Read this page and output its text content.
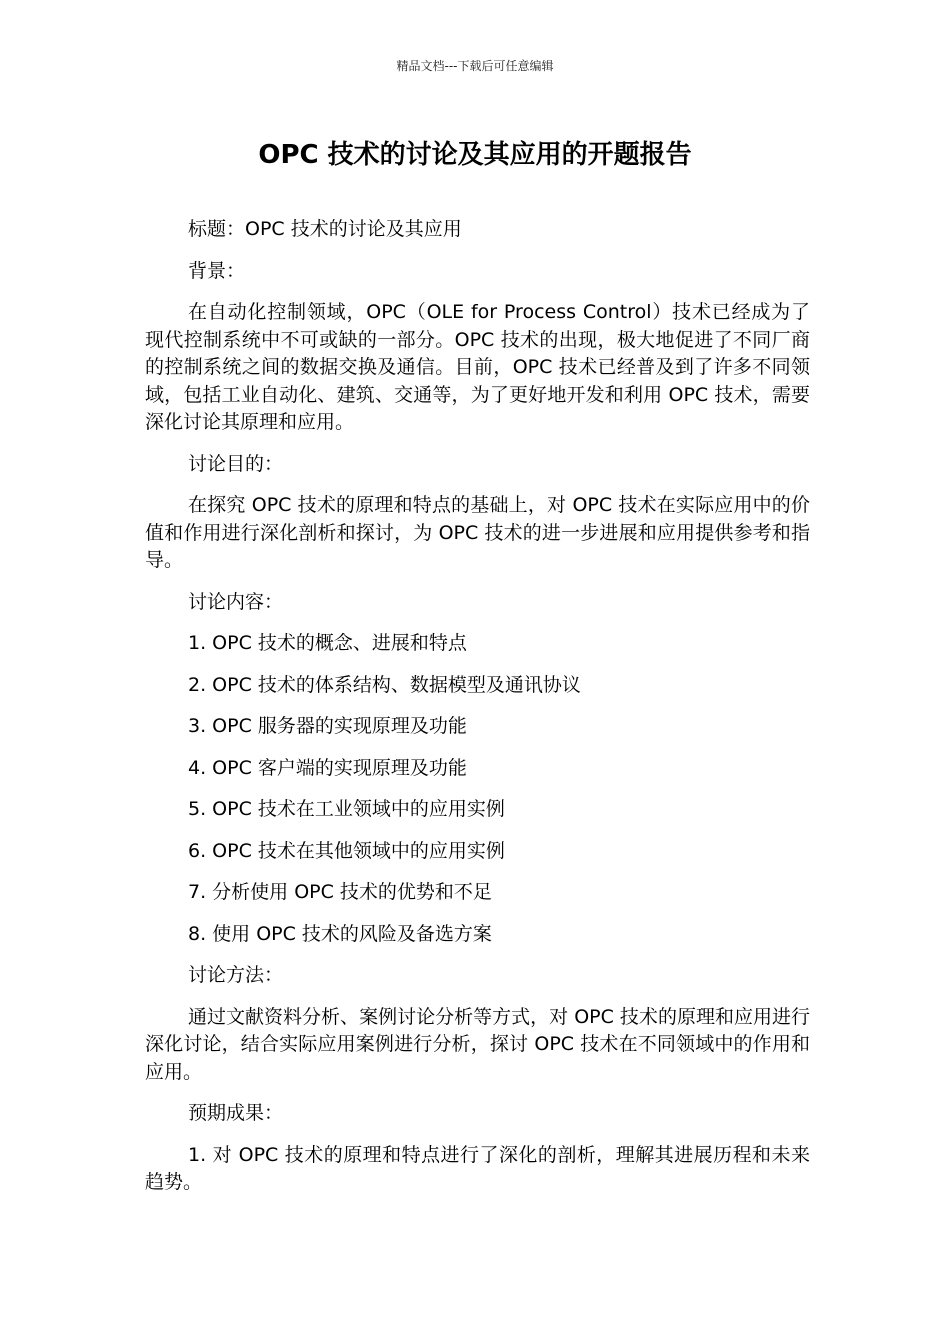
精品文档---下载后可任意编辑
OPC 技术的讨论及其应用的开题报告

标题：OPC 技术的讨论及其应用

背景：

在自动化控制领域，OPC（OLE for Process Control）技术已经成为了现代控制系统中不可或缺的一部分。OPC 技术的出现，极大地促进了不同厂商的控制系统之间的数据交换及通信。目前，OPC 技术已经普及到了许多不同领域，包括工业自动化、建筑、交通等，为了更好地开发和利用 OPC 技术，需要深化讨论其原理和应用。

讨论目的：

在探究 OPC 技术的原理和特点的基础上，对 OPC 技术在实际应用中的价值和作用进行深化剖析和探讨，为 OPC 技术的进一步进展和应用提供参考和指导。

讨论内容：

1. OPC 技术的概念、进展和特点

2. OPC 技术的体系结构、数据模型及通讯协议

3. OPC 服务器的实现原理及功能

4. OPC 客户端的实现原理及功能

5. OPC 技术在工业领域中的应用实例

6. OPC 技术在其他领域中的应用实例

7. 分析使用 OPC 技术的优势和不足

8. 使用 OPC 技术的风险及备选方案

讨论方法：

通过文献资料分析、案例讨论分析等方式，对 OPC 技术的原理和应用进行深化讨论，结合实际应用案例进行分析，探讨 OPC 技术在不同领域中的作用和应用。

预期成果：

1. 对 OPC 技术的原理和特点进行了深化的剖析，理解其进展历程和未来趋势。
